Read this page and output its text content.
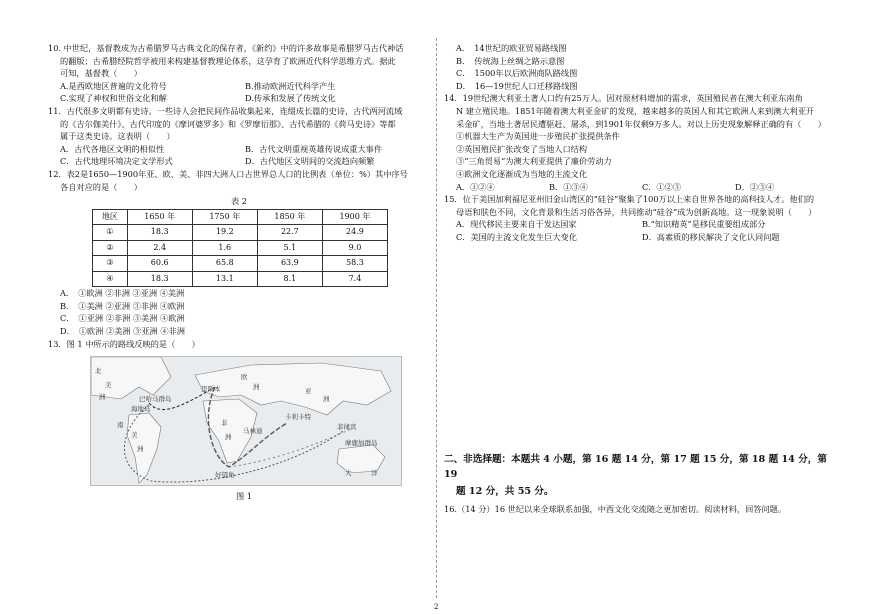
10. 中世纪，基督教成为古希腊罗马古典文化的保存者，《新约》中的许多故事是希腊罗马古代神话

的翻版；古希腊经院哲学被用来构建基督教理论体系，这孕育了欧洲近代科学思维方式。据此

可知，基督教（　　）

A.是西欧地区普遍的文化符号	B.推动欧洲近代科学产生
C.实现了神权和世俗文化和解	D.传承和发展了传统文化

11．古代很多文明都有史诗。一些诗人会把民间作品收集起来，连缀成长篇的史诗，古代两河流域

的《吉尔伽美什》、古代印度的《摩诃婆罗多》和《罗摩衍那》、古代希腊的《荷马史诗》等都

属于这类史诗。这表明（　　）

A．古代各地区文明的相似性	B．古代文明重视英雄传说成重大事件
C．古代地理环境决定文学形式	D．古代地区文明间的交流趋向频繁

12．表2是1650—1900年亚、欧、美、非四大洲人口占世界总人口的比例表（单位：%）其中序号

各自对应的是（　　）

表 2

地区	1650 年	1750 年	1850 年	1900 年
①	18.3	19.2	22.7	24.9
②	2.4	1.6	5.1	9.0
③	60.6	65.8	63.9	58.3
④	18.3	13.1	8.1	7.4

A．　①欧洲 ②非洲 ③亚洲 ④美洲

B．　①美洲 ②亚洲 ③非洲 ④欧洲

C．　①亚洲 ②非洲 ③美洲 ④欧洲

D．　①欧洲 ②美洲 ③亚洲 ④非洲

13．图 1 中所示的路线反映的是（　　）

北
美
洲
欧
洲
非
洲
亚
洲
南
美
洲
大	洋
巴哈马群岛
海地岛
里斯本
卡利卡特
马林迪
好望角
菲律宾
摩鹿加群岛

图 1

A．　14世纪的欧亚贸易路线图

B．　传统海上丝绸之路示意图

C．　1500年以后欧洲商队路线图

D．　16—19世纪人口迁移路线图

14．19世纪澳大利亚土著人口约有25万人。因对原材料增加的需求，英国殖民者在澳大利亚东南角

N 建立殖民地。1851年随着澳大利亚金矿的发现，越来越多的英国人和其它欧洲人来到澳大利亚开

采金矿，当地土著居民遭驱赶、屠杀，到1901年仅剩9万多人。对以上历史现象解释正确的有（　　）

①机器大生产为英国进一步殖民扩张提供条件

②英国殖民扩张改变了当地人口结构

③“三角贸易”为澳大利亚提供了廉价劳动力

④欧洲文化逐渐成为当地的主流文化

A．①②④	B．①③④	C．①②③	D．②③④

15．位于美国加利福尼亚州旧金山湾区的“硅谷”聚集了100万以上来自世界各地的高科技人才。他们的

母语和肤色不同，文化背景和生活习俗各异，共同推动“硅谷”成为创新高地。这一现象说明（　　）

A．现代移民主要来自于发达国家	B.“知识精英”是移民重要组成部分
C．美国的主流文化发生巨大变化	D．高素质的移民解决了文化认同问题

二、非选择题：本题共 4 小题，第 16 题 14 分，第 17 题 15 分，第 18 题 14 分，第 19

题 12 分，共 55 分。

16.（14 分）16 世纪以来全球联系加强，中西文化交流随之更加密切。阅读材料，回答问题。

2
